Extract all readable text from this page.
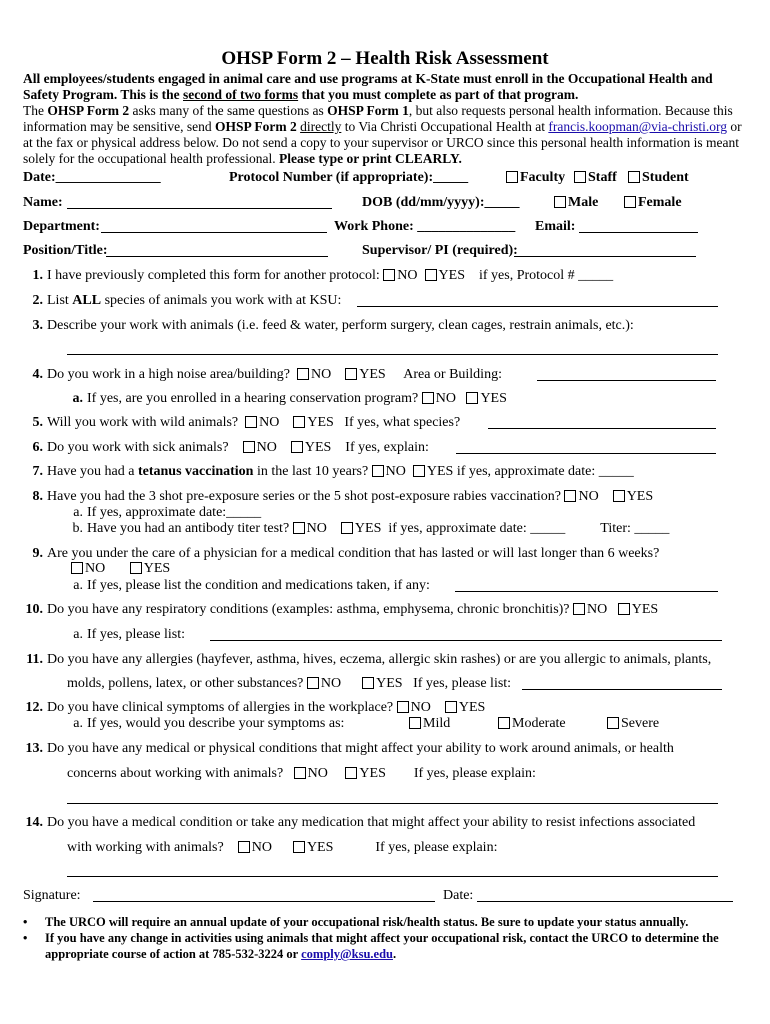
OHSP Form 2 – Health Risk Assessment

All employees/students engaged in animal care and use programs at K-State must enroll in the Occupational Health and Safety Program. This is the second of two forms that you must complete as part of that program.

The OHSP Form 2 asks many of the same questions as OHSP Form 1, but also requests personal health information. Because this information may be sensitive, send OHSP Form 2 directly to Via Christi Occupational Health at francis.koopman@via-christi.org or at the fax or physical address below. Do not send a copy to your supervisor or URCO since this personal health information is meant solely for the occupational health professional. Please type or print CLEARLY.

Date:_______________	Protocol Number (if appropriate):_____	Faculty	Staff	Student
Name:	DOB (dd/mm/yyyy):_____	Male	Female
Department:	Work Phone: ______________ Email:
Position/Title:	Supervisor/ PI (required):
1. I have previously completed this form for another protocol: NO YES if yes, Protocol # _____
2. List ALL species of animals you work with at KSU:
3. Describe your work with animals (i.e. feed & water, perform surgery, clean cages, restrain animals, etc.):
4. Do you work in a high noise area/building? NO YES Area or Building:
a. If yes, are you enrolled in a hearing conservation program? NO YES
5. Will you work with wild animals? NO YES If yes, what species?
6. Do you work with sick animals? NO YES If yes, explain:
7. Have you had a tetanus vaccination in the last 10 years? NO YES if yes, approximate date: _____
8. Have you had the 3 shot pre-exposure series or the 5 shot post-exposure rabies vaccination? NO YES
a. If yes, approximate date:_____
b. Have you had an antibody titer test? NO YES if yes, approximate date: _____	Titer: _____
9. Are you under the care of a physician for a medical condition that has lasted or will last longer than 6 weeks?
NO	YES
a. If yes, please list the condition and medications taken, if any:
10. Do you have any respiratory conditions (examples: asthma, emphysema, chronic bronchitis)? NO YES
a. If yes, please list:
11. Do you have any allergies (hayfever, asthma, hives, eczema, allergic skin rashes) or are you allergic to animals, plants,
molds, pollens, latex, or other substances? NO	YES If yes, please list:
12. Do you have clinical symptoms of allergies in the workplace? NO YES
a. If yes, would you describe your symptoms as:	Mild	Moderate	Severe
13. Do you have any medical or physical conditions that might affect your ability to work around animals, or health
concerns about working with animals? NO YES If yes, please explain:
14. Do you have a medical condition or take any medication that might affect your ability to resist infections associated
with working with animals? NO	YES	If yes, please explain:
Signature:	Date:
• The URCO will require an annual update of your occupational risk/health status. Be sure to update your status annually.
• If you have any change in activities using animals that might affect your occupational risk, contact the URCO to determine the appropriate course of action at 785-532-3224 or comply@ksu.edu.
